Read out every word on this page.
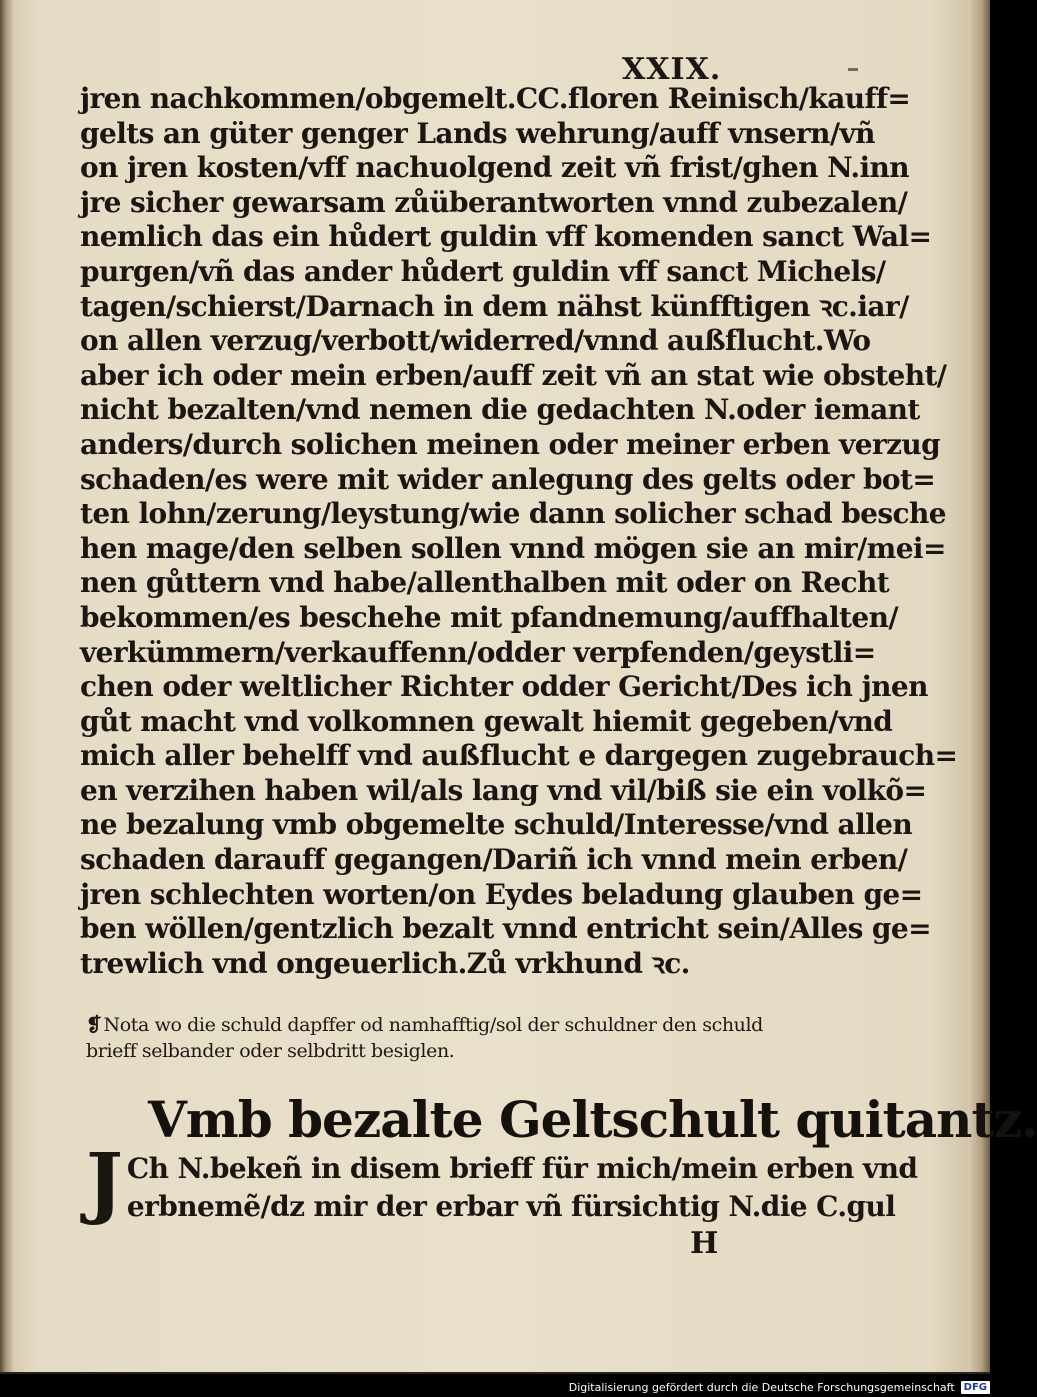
XXIX.
jren nachkommen/obgemelt.CC.floren Reinisch/kauff=
gelts an güter genger Lands wehrung/auff vnsern/vñ
on jren kosten/vff nachuolgend zeit vñ frist/ghen N.inn
jre sicher gewarsam zůüberantworten vnnd zubezalen/
nemlich das ein hůdert guldin vff komenden sanct Wal=
purgen/vñ das ander hůdert guldin vff sanct Michels/
tagen/schierst/Darnach in dem nähst künfftigen ꝛc.iar/
on allen verzug/verbott/widerred/vnnd außflucht.Wo
aber ich oder mein erben/auff zeit vñ an stat wie obsteht/
nicht bezalten/vnd nemen die gedachten N.oder iemant
anders/durch solichen meinen oder meiner erben verzug
schaden/es were mit wider anlegung des gelts oder bot=
ten lohn/zerung/leystung/wie dann solicher schad besche
hen mage/den selben sollen vnnd mögen sie an mir/mei=
nen gůttern vnd habe/allenthalben mit oder on Recht
bekommen/es beschehe mit pfandnemung/auffhalten/
verkümmern/verkauffenn/odder verpfenden/geystli=
chen oder weltlicher Richter odder Gericht/Des ich jnen
gůt macht vnd volkomnen gewalt hiemit gegeben/vnd
mich aller behelff vnd außflucht e dargegen zugebrauch=
en verzihen haben wil/als lang vnd vil/biß sie ein volkõ=
ne bezalung vmb obgemelte schuld/Interesse/vnd allen
schaden darauff gegangen/Dariñ ich vnnd mein erben/
jren schlechten worten/on Eydes beladung glauben ge=
ben wöllen/gentzlich bezalt vnnd entricht sein/Alles ge=
trewlich vnd ongeuerlich.Zů vrkhund ꝛc.
❡ Nota wo die schuld dapffer od namhafftig/sol der schuldner den schuld
brieff selbander oder selbdritt besiglen.
Vmb bezalte Geltschult quitantz.
J Ch N.bekeñ in disem brieff für mich/mein erben vnd
erbnemẽ/dz mir der erbar vñ fürsichtig N.die C.gul
H
Digitalisierung gefördert durch die Deutsche Forschungsgemeinschaft DFG
